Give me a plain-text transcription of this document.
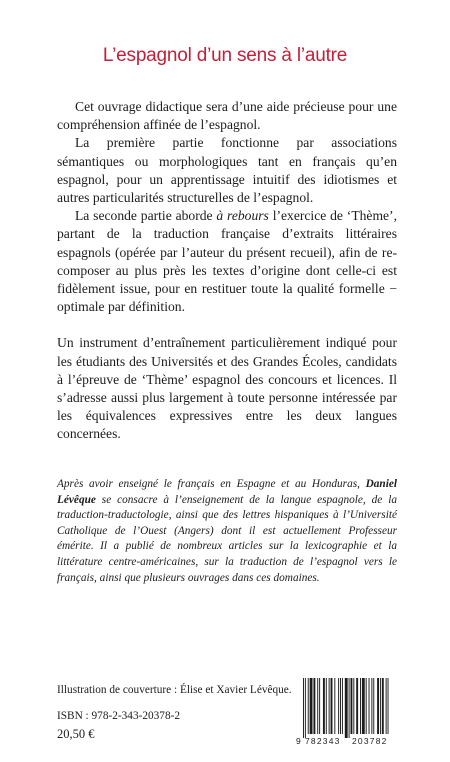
L’espagnol d’un sens à l’autre

Cet ouvrage didactique sera d’une aide précieuse pour une compréhension affinée de l’espagnol.

La première partie fonctionne par associations sémantiques ou morphologiques tant en français qu’en espagnol, pour un apprentissage intuitif des idiotismes et autres particularités structurelles de l’espagnol.

La seconde partie aborde à rebours l’exercice de ‘Thème’, partant de la traduction française d’extraits littéraires espagnols (opérée par l’auteur du présent recueil), afin de re-composer au plus près les textes d’origine dont celle-ci est fidèlement issue, pour en restituer toute la qualité formelle − optimale par définition.

Un instrument d’entraînement particulièrement indiqué pour les étudiants des Universités et des Grandes Écoles, candidats à l’épreuve de ‘Thème’ espagnol des concours et licences. Il s’adresse aussi plus largement à toute personne intéressée par les équivalences expressives entre les deux langues concernées.

Après avoir enseigné le français en Espagne et au Honduras, Daniel Lévêque se consacre à l’enseignement de la langue espagnole, de la traduction-traductologie, ainsi que des lettres hispaniques à l’Université Catholique de l’Ouest (Angers) dont il est actuellement Professeur émérite. Il a publié de nombreux articles sur la lexicographie et la littérature centre-américaines, sur la traduction de l’espagnol vers le français, ainsi que plusieurs ouvrages dans ces domaines.

Illustration de couverture : Élise et Xavier Lévêque.
ISBN : 978-2-343-20378-2
20,50 €	9 782343 203782
